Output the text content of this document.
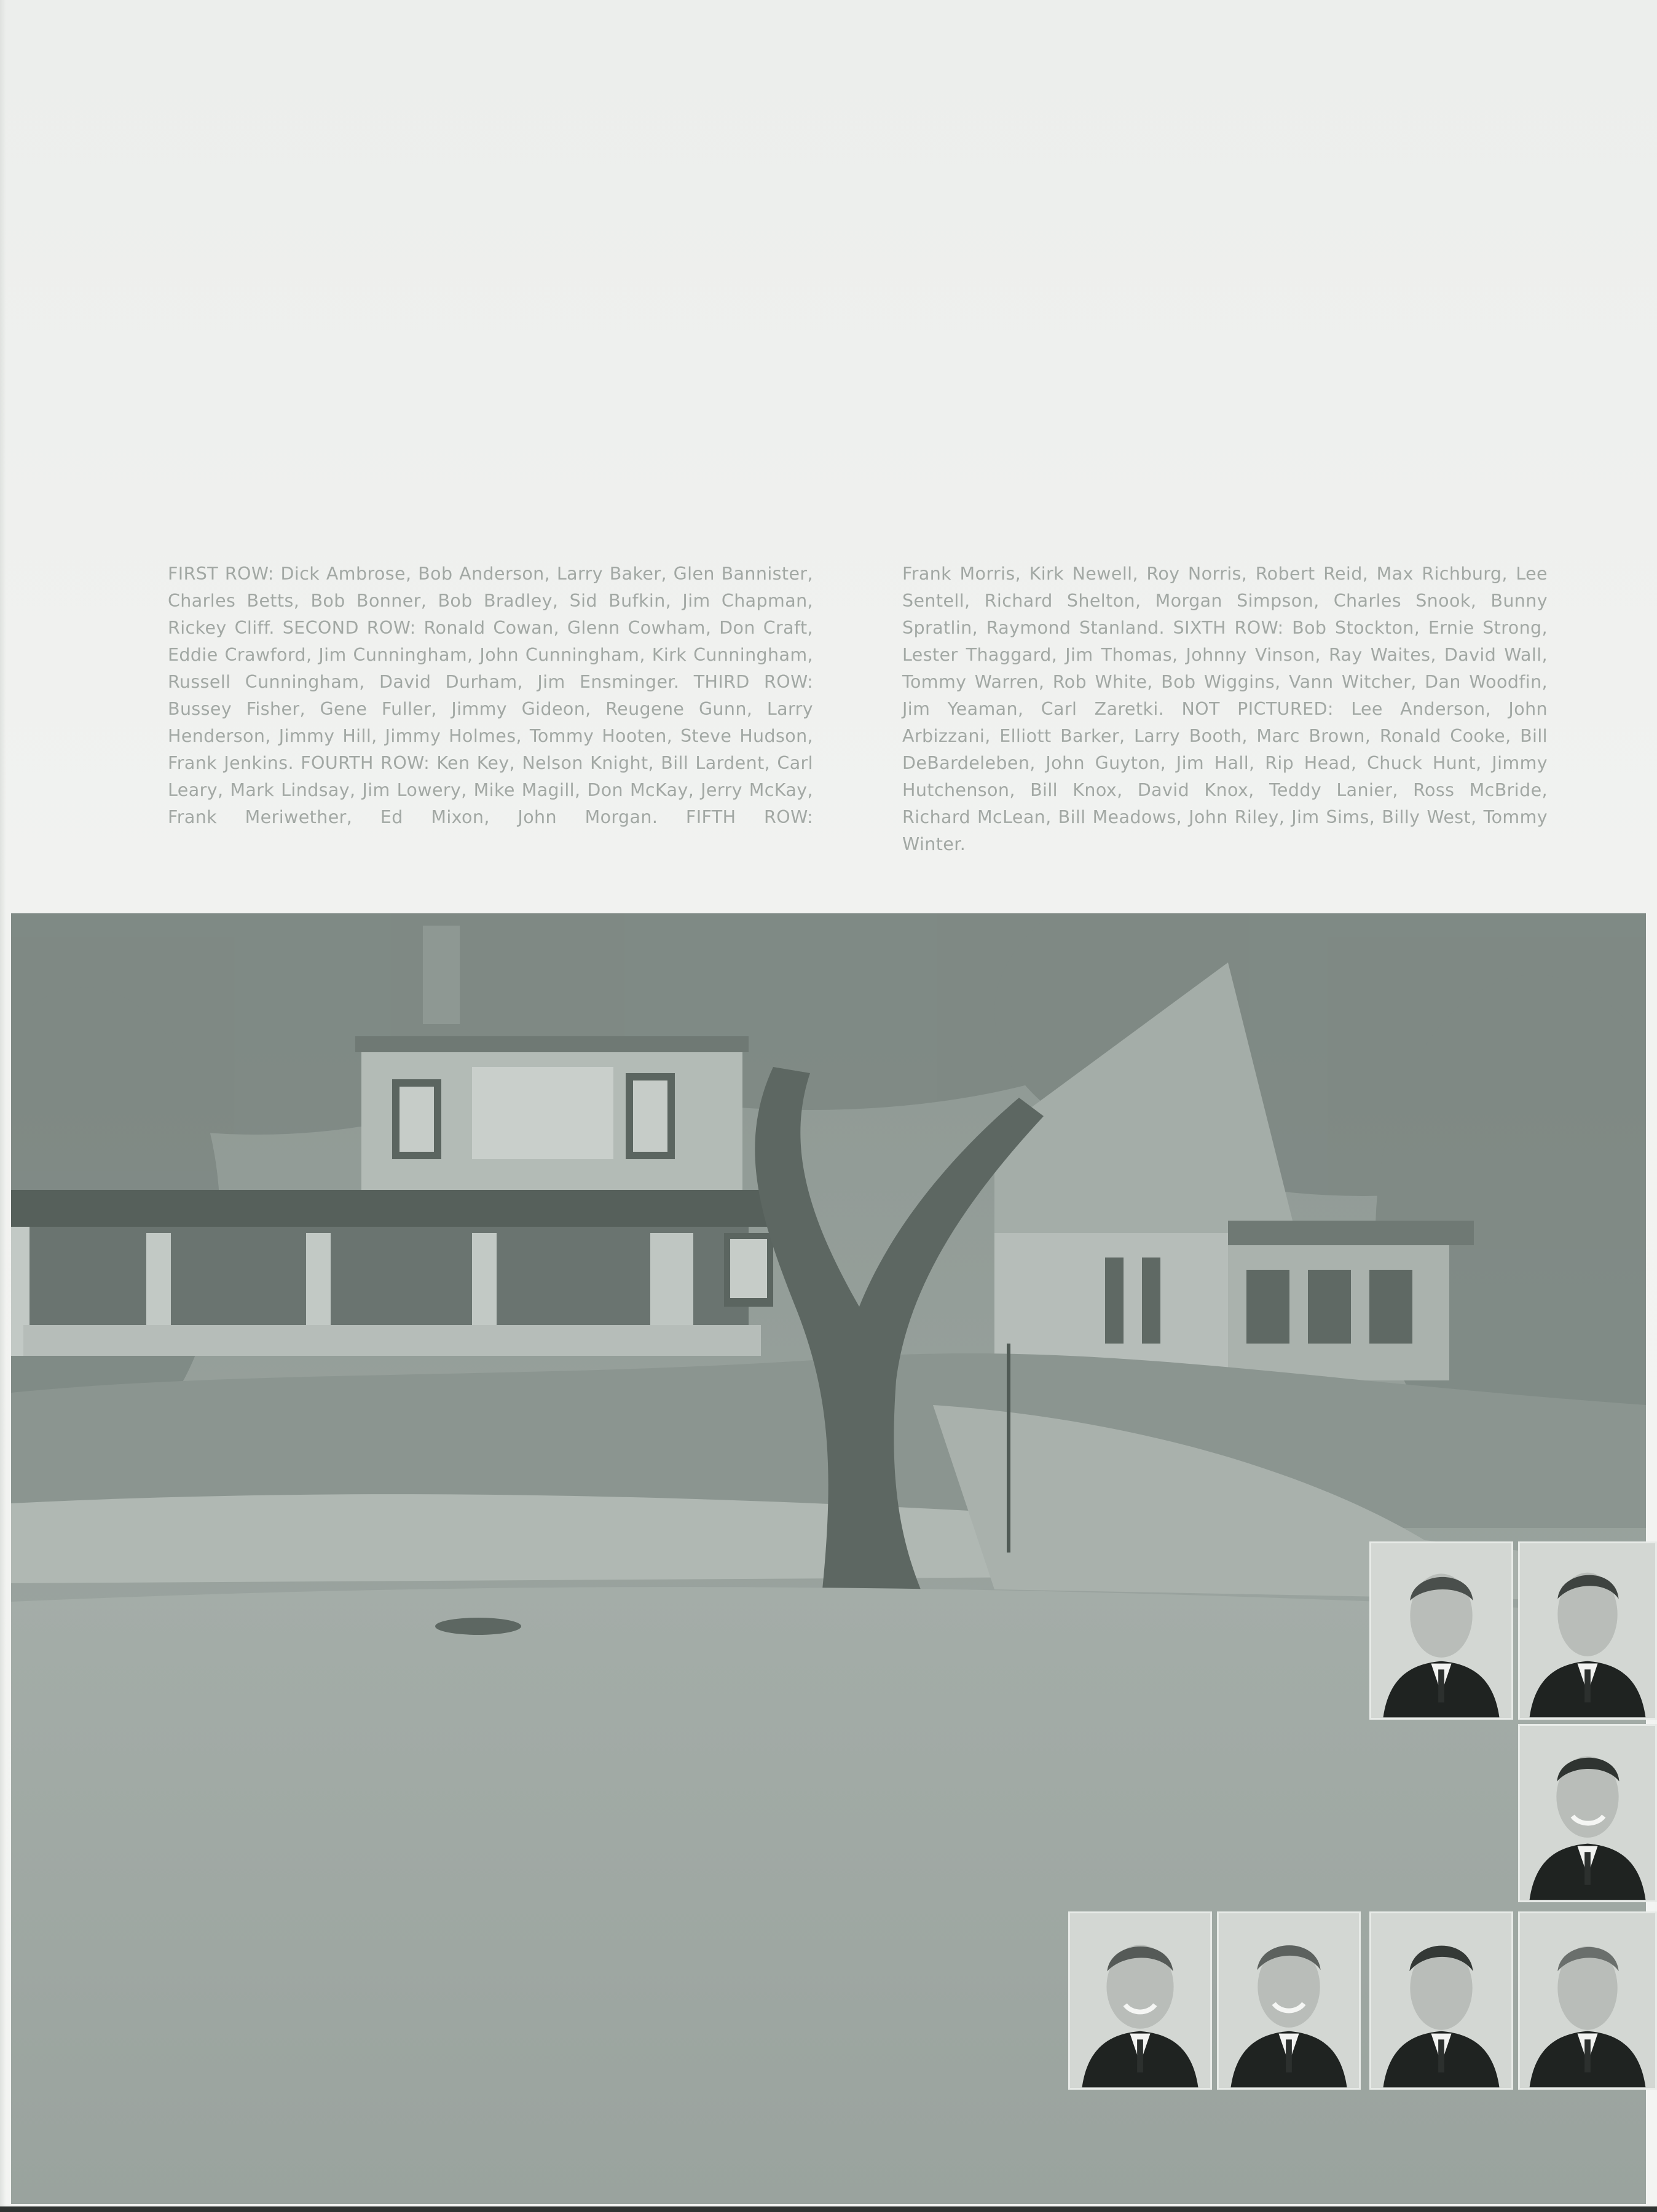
FIRST ROW: Dick Ambrose, Bob Anderson, Larry Baker, Glen Bannister, Charles Betts, Bob Bonner, Bob Bradley, Sid Bufkin, Jim Chapman, Rickey Cliff. SECOND ROW: Ronald Cowan, Glenn Cowham, Don Craft, Eddie Crawford, Jim Cunningham, John Cunningham, Kirk Cunningham, Russell Cunningham, David Durham, Jim Ensminger. THIRD ROW: Bussey Fisher, Gene Fuller, Jimmy Gideon, Reugene Gunn, Larry Henderson, Jimmy Hill, Jimmy Holmes, Tommy Hooten, Steve Hudson, Frank Jenkins. FOURTH ROW: Ken Key, Nelson Knight, Bill Lardent, Carl Leary, Mark Lindsay, Jim Lowery, Mike Magill, Don McKay, Jerry McKay, Frank Meriwether, Ed Mixon, John Morgan. FIFTH ROW:
Frank Morris, Kirk Newell, Roy Norris, Robert Reid, Max Richburg, Lee Sentell, Richard Shelton, Morgan Simpson, Charles Snook, Bunny Spratlin, Raymond Stanland. SIXTH ROW: Bob Stockton, Ernie Strong, Lester Thaggard, Jim Thomas, Johnny Vinson, Ray Waites, David Wall, Tommy Warren, Rob White, Bob Wiggins, Vann Witcher, Dan Woodfin, Jim Yeaman, Carl Zaretki. NOT PICTURED: Lee Anderson, John Arbizzani, Elliott Barker, Larry Booth, Marc Brown, Ronald Cooke, Bill DeBardeleben, John Guyton, Jim Hall, Rip Head, Chuck Hunt, Jimmy Hutchenson, Bill Knox, David Knox, Teddy Lanier, Ross McBride, Richard McLean, Bill Meadows, John Riley, Jim Sims, Billy West, Tommy Winter.
